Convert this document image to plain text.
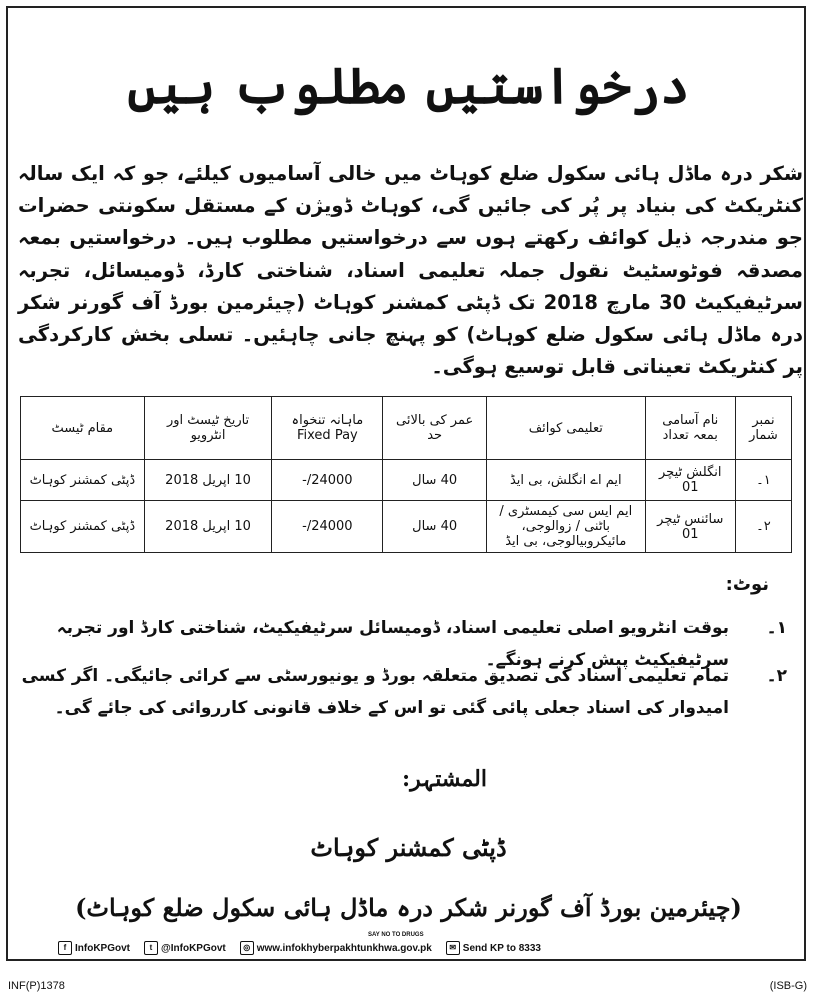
درخواستیں مطلوب ہیں
شکر درہ ماڈل ہائی سکول ضلع کوہاٹ میں خالی آسامیوں کیلئے، جو کہ ایک سالہ کنٹریکٹ کی بنیاد پر پُر کی جائیں گی، کوہاٹ ڈویژن کے مستقل سکونتی حضرات جو مندرجہ ذیل کوائف رکھتے ہوں سے درخواستیں مطلوب ہیں۔ درخواستیں بمعہ مصدقہ فوٹوسٹیٹ نقول جملہ تعلیمی اسناد، شناختی کارڈ، ڈومیسائل، تجربہ سرٹیفیکیٹ 30 مارچ 2018 تک ڈپٹی کمشنر کوہاٹ (چیئرمین بورڈ آف گورنر شکر درہ ماڈل ہائی سکول ضلع کوہاٹ) کو پہنچ جانی چاہئیں۔ تسلی بخش کارکردگی پر کنٹریکٹ تعیناتی قابل توسیع ہوگی۔
نمبر شمار	نام آسامی بمعہ تعداد	تعلیمی کوائف	عمر کی بالائی حد	ماہانہ تنخواہ Fixed Pay	تاریخ ٹیسٹ اور انٹرویو	مقام ٹیسٹ
۱۔	انگلش ٹیچر 01	ایم اے انگلش، بی ایڈ	40 سال	24000/-	10 اپریل 2018	ڈپٹی کمشنر کوہاٹ
۲۔	سائنس ٹیچر 01	ایم ایس سی کیمسٹری / باٹنی / زوالوجی، مائیکروبیالوجی، بی ایڈ	40 سال	24000/-	10 اپریل 2018	ڈپٹی کمشنر کوہاٹ
نوٹ:
۱۔
بوقت انٹرویو اصلی تعلیمی اسناد، ڈومیسائل سرٹیفیکیٹ، شناختی کارڈ اور تجربہ سرٹیفیکیٹ پیش کرنے ہونگے۔
۲۔
تمام تعلیمی اسناد کی تصدیق متعلقہ بورڈ و یونیورسٹی سے کرائی جائیگی۔ اگر کسی امیدوار کی اسناد جعلی پائی گئی تو اس کے خلاف قانونی کارروائی کی جائے گی۔
المشتہر:
ڈپٹی کمشنر کوہاٹ
(چیئرمین بورڈ آف گورنر شکر درہ ماڈل ہائی سکول ضلع کوہاٹ)
SAY NO TO DRUGS
f InfoKPGovt	t @InfoKPGovt	◎ www.infokhyberpakhtunkhwa.gov.pk	✉ Send KP to 8333
INF(P)1378	(ISB-G)
